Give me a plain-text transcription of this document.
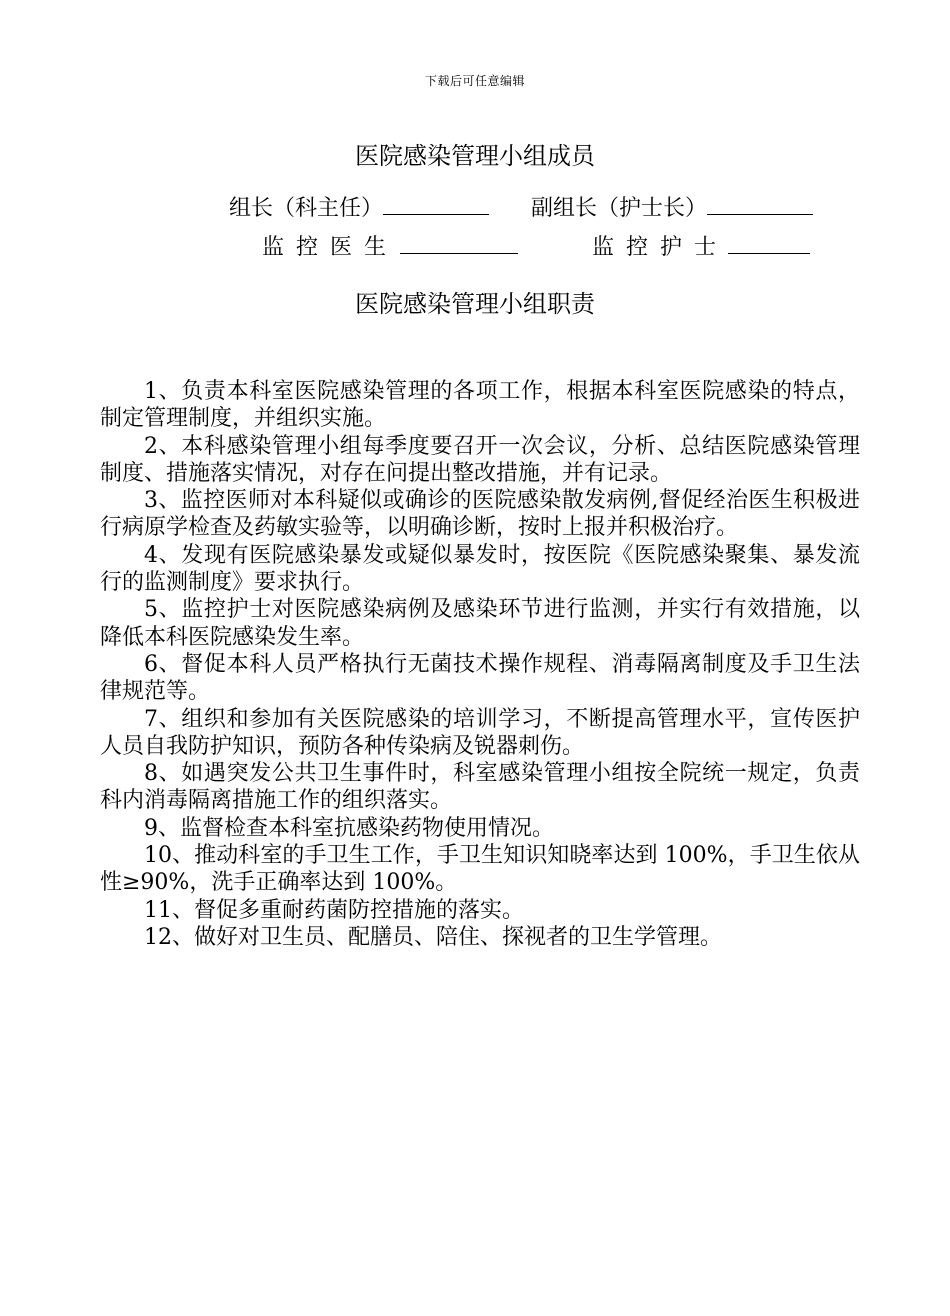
下载后可任意编辑
医院感染管理小组成员
组长（科主任）	副组长（护士长）
监控医生	监控护士
医院感染管理小组职责

1、负责本科室医院感染管理的各项工作，根据本科室医院感染的特点，制定管理制度，并组织实施。

2、本科感染管理小组每季度要召开一次会议，分析、总结医院感染管理制度、措施落实情况，对存在问提出整改措施，并有记录。

3、监控医师对本科疑似或确诊的医院感染散发病例,督促经治医生积极进行病原学检查及药敏实验等，以明确诊断，按时上报并积极治疗。

4、发现有医院感染暴发或疑似暴发时，按医院《医院感染聚集、暴发流行的监测制度》要求执行。

5、监控护士对医院感染病例及感染环节进行监测，并实行有效措施，以降低本科医院感染发生率。

6、督促本科人员严格执行无菌技术操作规程、消毒隔离制度及手卫生法律规范等。

7、组织和参加有关医院感染的培训学习，不断提高管理水平，宣传医护人员自我防护知识，预防各种传染病及锐器刺伤。

8、如遇突发公共卫生事件时，科室感染管理小组按全院统一规定，负责科内消毒隔离措施工作的组织落实。

9、监督检查本科室抗感染药物使用情况。

10、推动科室的手卫生工作，手卫生知识知晓率达到 100%，手卫生依从性≥90%，洗手正确率达到 100%。

11、督促多重耐药菌防控措施的落实。

12、做好对卫生员、配膳员、陪住、探视者的卫生学管理。
